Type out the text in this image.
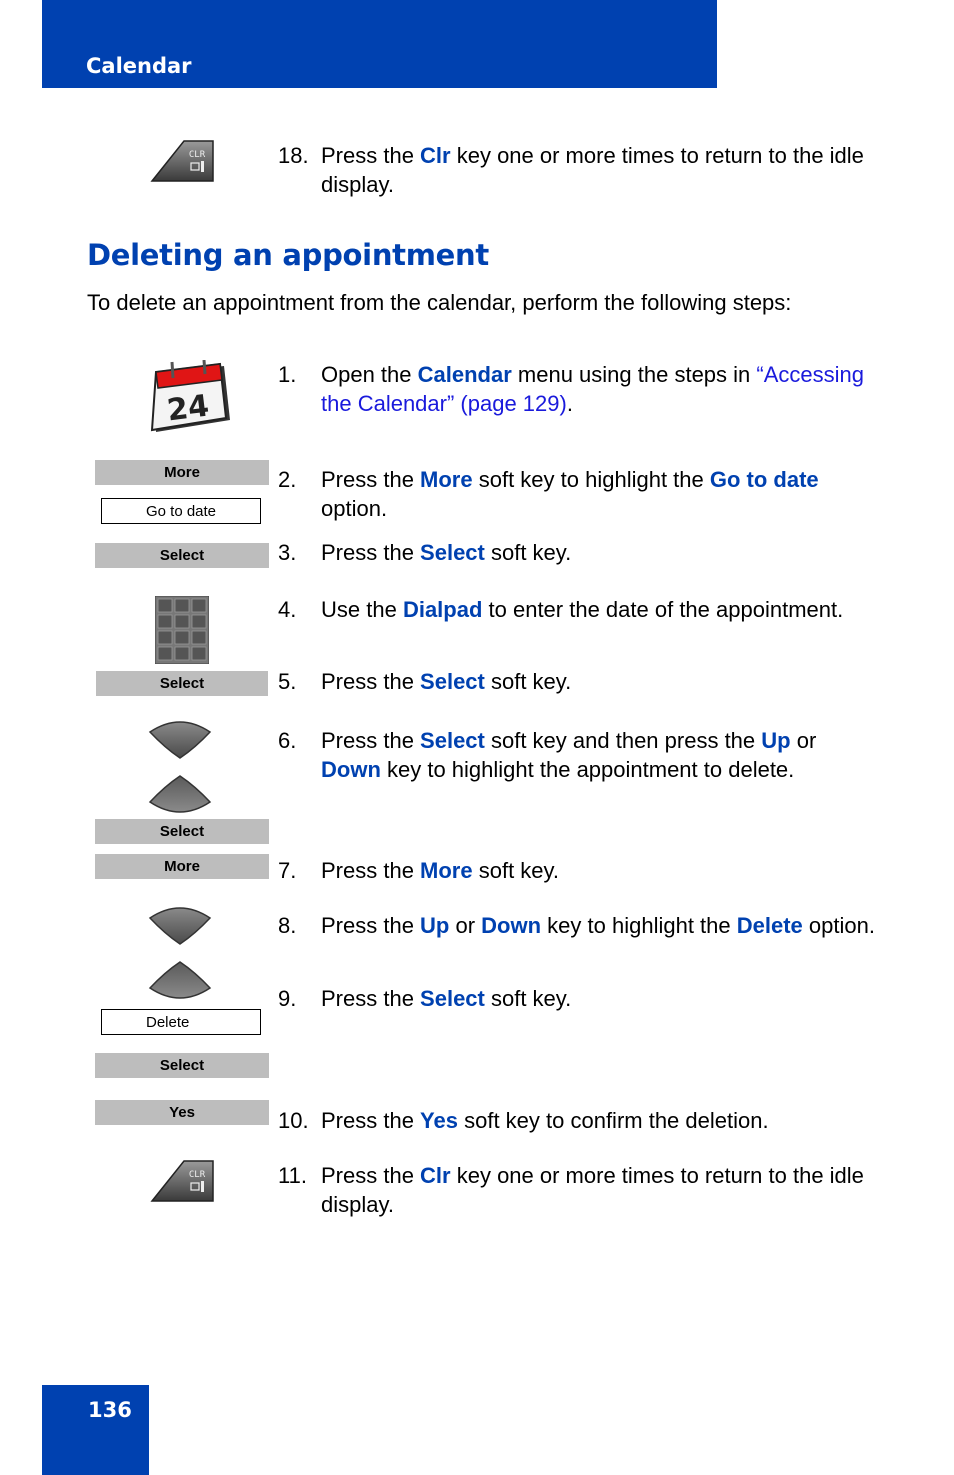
Calendar
CLR	18. Press the Clr key one or more times to return to the idle display.
Deleting an appointment

To delete an appointment from the calendar, perform the following steps:

24
1.	Open the Calendar menu using the steps in “Accessing the Calendar” (page 129).
More
Go to date
2.	Press the More soft key to highlight the Go to date option.
Select	3.	Press the Select soft key.
4.	Use the Dialpad to enter the date of the appointment.
Select	5.	Press the Select soft key.
6.	Press the Select soft key and then press the Up or Down key to highlight the appointment to delete.
Select
More	7.	Press the More soft key.
8.	Press the Up or Down key to highlight the Delete option.
Delete
9.	Press the Select soft key.
Select
Yes	10. Press the Yes soft key to confirm the deletion.
CLR	11. Press the Clr key one or more times to return to the idle display.
136
